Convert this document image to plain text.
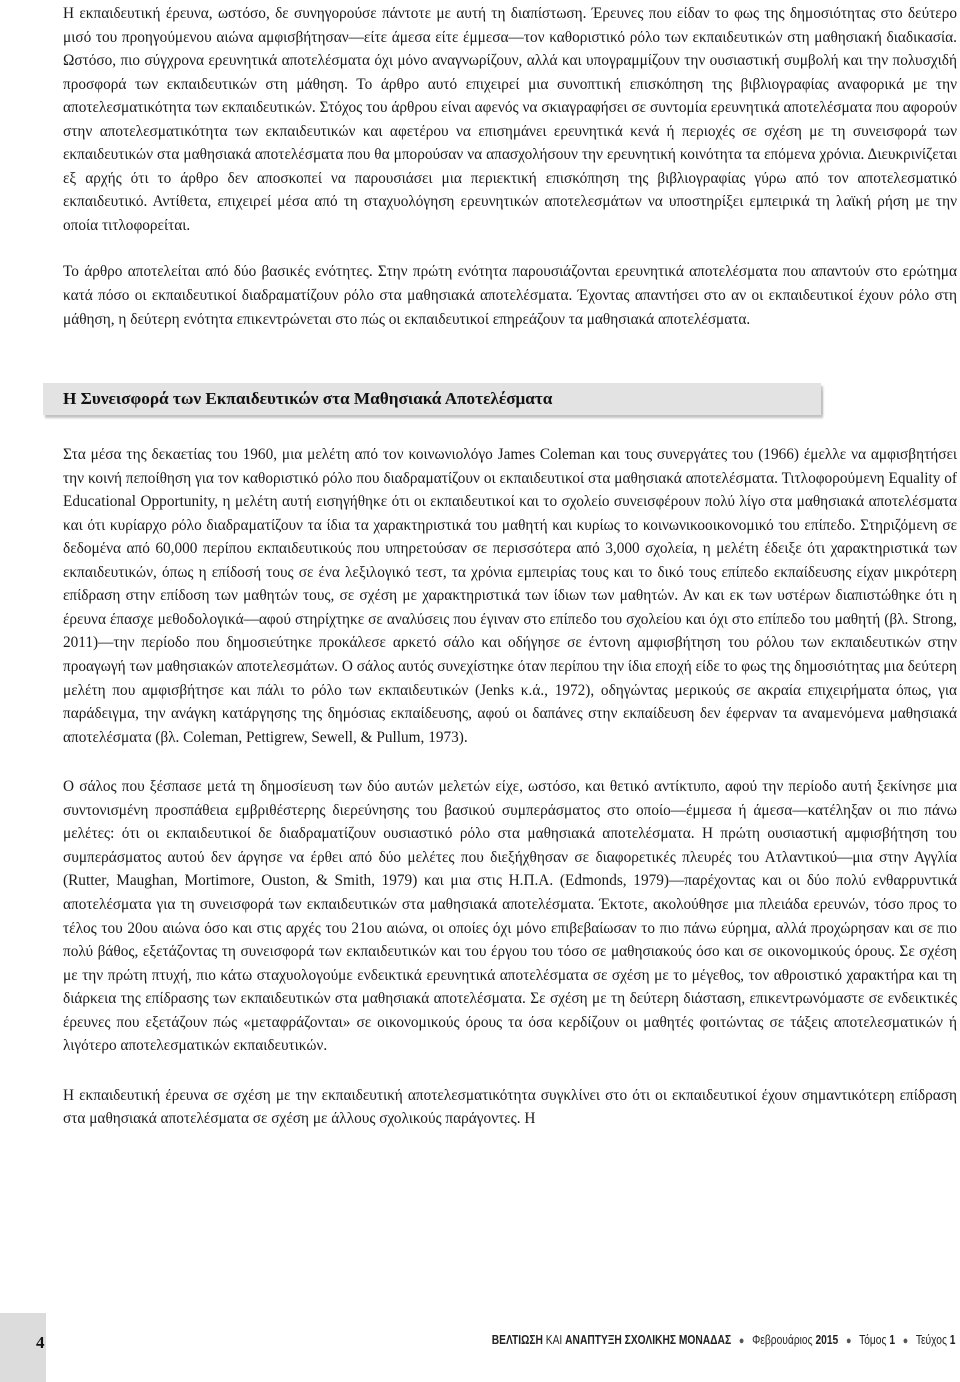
Η εκπαιδευτική έρευνα, ωστόσο, δε συνηγορούσε πάντοτε με αυτή τη διαπίστωση. Έρευνες που είδαν το φως της δημοσιότητας στο δεύτερο μισό του προηγούμενου αιώνα αμφισβήτησαν—είτε άμεσα είτε έμμεσα—τον καθοριστικό ρόλο των εκπαιδευτικών στη μαθησιακή διαδικασία. Ωστόσο, πιο σύγχρονα ερευνητικά αποτελέσματα όχι μόνο αναγνωρίζουν, αλλά και υπογραμμίζουν την ουσιαστική συμβολή και την πολυσχιδή προσφορά των εκπαιδευτικών στη μάθηση. Το άρθρο αυτό επιχειρεί μια συνοπτική επισκόπηση της βιβλιογραφίας αναφορικά με την αποτελεσματικότητα των εκπαιδευτικών. Στόχος του άρθρου είναι αφενός να σκιαγραφήσει σε συντομία ερευνητικά αποτελέσματα που αφορούν στην αποτελεσματικότητα των εκπαιδευτικών και αφετέρου να επισημάνει ερευνητικά κενά ή περιοχές σε σχέση με τη συνεισφορά των εκπαιδευτικών στα μαθησιακά αποτελέσματα που θα μπορούσαν να απασχολήσουν την ερευνητική κοινότητα τα επόμενα χρόνια. Διευκρινίζεται εξ αρχής ότι το άρθρο δεν αποσκοπεί να παρουσιάσει μια περιεκτική επισκόπηση της βιβλιογραφίας γύρω από τον αποτελεσματικό εκπαιδευτικό. Αντίθετα, επιχειρεί μέσα από τη σταχυολόγηση ερευνητικών αποτελεσμάτων να υποστηρίξει εμπειρικά τη λαϊκή ρήση με την οποία τιτλοφορείται.

Το άρθρο αποτελείται από δύο βασικές ενότητες. Στην πρώτη ενότητα παρουσιάζονται ερευνητικά αποτελέσματα που απαντούν στο ερώτημα κατά πόσο οι εκπαιδευτικοί διαδραματίζουν ρόλο στα μαθησιακά αποτελέσματα. Έχοντας απαντήσει στο αν οι εκπαιδευτικοί έχουν ρόλο στη μάθηση, η δεύτερη ενότητα επικεντρώνεται στο πώς οι εκπαιδευτικοί επηρεάζουν τα μαθησιακά αποτελέσματα.

Η Συνεισφορά των Εκπαιδευτικών στα Μαθησιακά Αποτελέσματα

Στα μέσα της δεκαετίας του 1960, μια μελέτη από τον κοινωνιολόγο James Coleman και τους συνεργάτες του (1966) έμελλε να αμφισβητήσει την κοινή πεποίθηση για τον καθοριστικό ρόλο που διαδραματίζουν οι εκπαιδευτικοί στα μαθησιακά αποτελέσματα. Τιτλοφορούμενη Equality of Educational Opportunity, η μελέτη αυτή εισηγήθηκε ότι οι εκπαιδευτικοί και το σχολείο συνεισφέρουν πολύ λίγο στα μαθησιακά αποτελέσματα και ότι κυρίαρχο ρόλο διαδραματίζουν τα ίδια τα χαρακτηριστικά του μαθητή και κυρίως το κοινωνικοοικονομικό του επίπεδο. Στηριζόμενη σε δεδομένα από 60,000 περίπου εκπαιδευτικούς που υπηρετούσαν σε περισσότερα από 3,000 σχολεία, η μελέτη έδειξε ότι χαρακτηριστικά των εκπαιδευτικών, όπως η επίδοσή τους σε ένα λεξιλογικό τεστ, τα χρόνια εμπειρίας τους και το δικό τους επίπεδο εκπαίδευσης είχαν μικρότερη επίδραση στην επίδοση των μαθητών τους, σε σχέση με χαρακτηριστικά των ίδιων των μαθητών. Αν και εκ των υστέρων διαπιστώθηκε ότι η έρευνα έπασχε μεθοδολογικά—αφού στηρίχτηκε σε αναλύσεις που έγιναν στο επίπεδο του σχολείου και όχι στο επίπεδο του μαθητή (βλ. Strong, 2011)—την περίοδο που δημοσιεύτηκε προκάλεσε αρκετό σάλο και οδήγησε σε έντονη αμφισβήτηση του ρόλου των εκπαιδευτικών στην προαγωγή των μαθησιακών αποτελεσμάτων. Ο σάλος αυτός συνεχίστηκε όταν περίπου την ίδια εποχή είδε το φως της δημοσιότητας μια δεύτερη μελέτη που αμφισβήτησε και πάλι το ρόλο των εκπαιδευτικών (Jenks κ.ά., 1972), οδηγώντας μερικούς σε ακραία επιχειρήματα όπως, για παράδειγμα, την ανάγκη κατάργησης της δημόσιας εκπαίδευσης, αφού οι δαπάνες στην εκπαίδευση δεν έφερναν τα αναμενόμενα μαθησιακά αποτελέσματα (βλ. Coleman, Pettigrew, Sewell, & Pullum, 1973).

Ο σάλος που ξέσπασε μετά τη δημοσίευση των δύο αυτών μελετών είχε, ωστόσο, και θετικό αντίκτυπο, αφού την περίοδο αυτή ξεκίνησε μια συντονισμένη προσπάθεια εμβριθέστερης διερεύνησης του βασικού συμπεράσματος στο οποίο—έμμεσα ή άμεσα—κατέληξαν οι πιο πάνω μελέτες: ότι οι εκπαιδευτικοί δε διαδραματίζουν ουσιαστικό ρόλο στα μαθησιακά αποτελέσματα. Η πρώτη ουσιαστική αμφισβήτηση του συμπεράσματος αυτού δεν άργησε να έρθει από δύο μελέτες που διεξήχθησαν σε διαφορετικές πλευρές του Ατλαντικού—μια στην Αγγλία (Rutter, Maughan, Mortimore, Ouston, & Smith, 1979) και μια στις Η.Π.Α. (Edmonds, 1979)—παρέχοντας και οι δύο πολύ ενθαρρυντικά αποτελέσματα για τη συνεισφορά των εκπαιδευτικών στα μαθησιακά αποτελέσματα. Έκτοτε, ακολούθησε μια πλειάδα ερευνών, τόσο προς το τέλος του 20ου αιώνα όσο και στις αρχές του 21ου αιώνα, οι οποίες όχι μόνο επιβεβαίωσαν το πιο πάνω εύρημα, αλλά προχώρησαν και σε πιο πολύ βάθος, εξετάζοντας τη συνεισφορά των εκπαιδευτικών και του έργου του τόσο σε μαθησιακούς όσο και σε οικονομικούς όρους. Σε σχέση με την πρώτη πτυχή, πιο κάτω σταχυολογούμε ενδεικτικά ερευνητικά αποτελέσματα σε σχέση με το μέγεθος, τον αθροιστικό χαρακτήρα και τη διάρκεια της επίδρασης των εκπαιδευτικών στα μαθησιακά αποτελέσματα. Σε σχέση με τη δεύτερη διάσταση, επικεντρωνόμαστε σε ενδεικτικές έρευνες που εξετάζουν πώς «μεταφράζονται» σε οικονομικούς όρους τα όσα κερδίζουν οι μαθητές φοιτώντας σε τάξεις αποτελεσματικών ή λιγότερο αποτελεσματικών εκπαιδευτικών.

Η εκπαιδευτική έρευνα σε σχέση με την εκπαιδευτική αποτελεσματικότητα συγκλίνει στο ότι οι εκπαιδευτικοί έχουν σημαντικότερη επίδραση στα μαθησιακά αποτελέσματα σε σχέση με άλλους σχολικούς παράγοντες. Η

4	ΒΕΛΤΙΩΣΗ ΚΑΙ ΑΝΑΠΤΥΞΗ ΣΧΟΛΙΚΗΣ ΜΟΝΑΔΑΣ ● Φεβρουάριος 2015 ● Τόμος 1 ● Τεύχος 1
